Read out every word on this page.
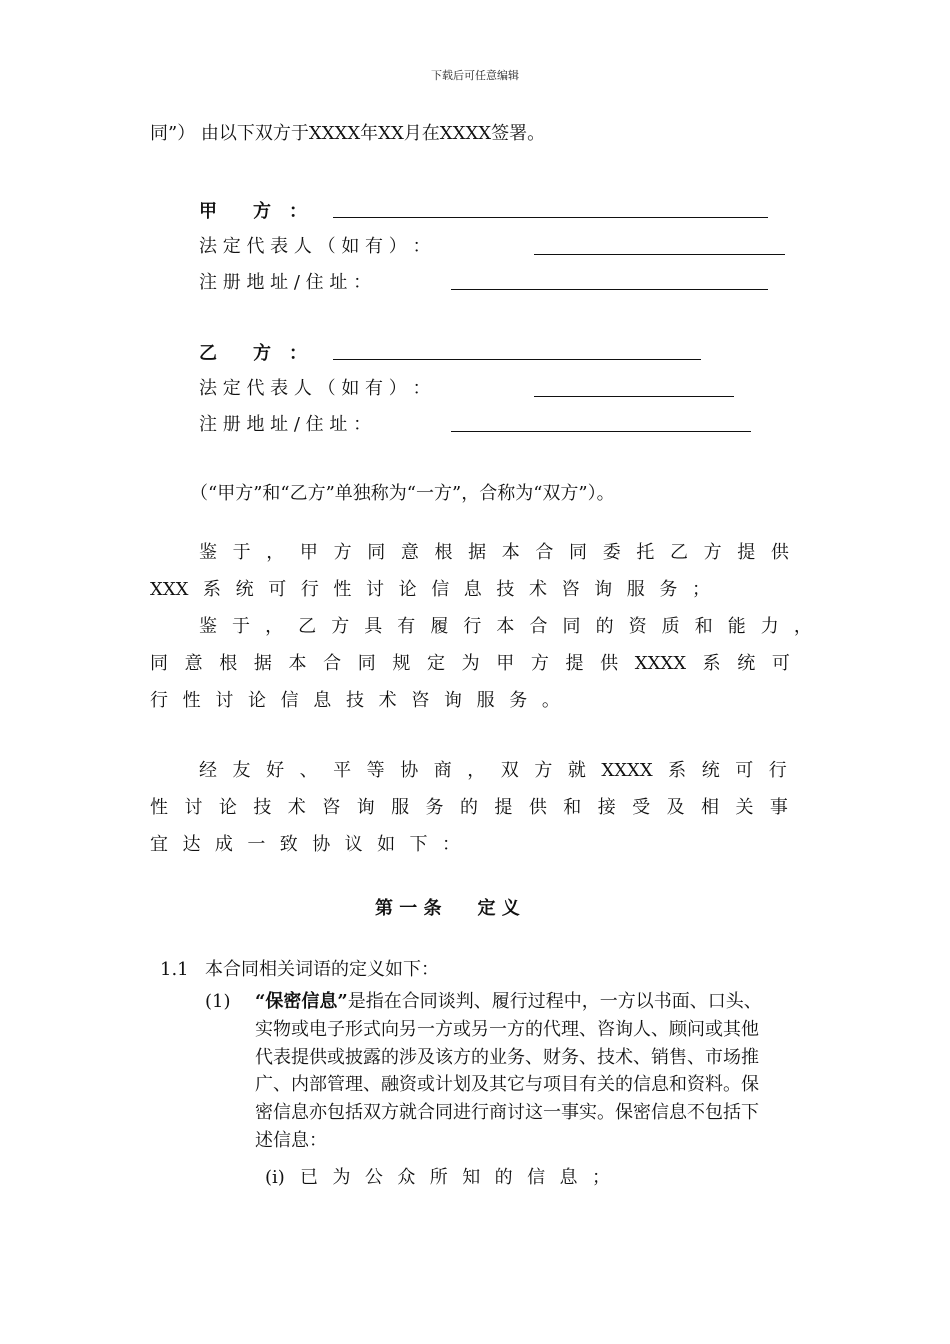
下载后可任意编辑
同”） 由以下双方于XXXX年XX月在XXXX签署。
甲　　方　：
法 定 代 表 人 （ 如 有 ） ：
注 册 地 址 / 住 址 ：
乙　　方　：
法 定 代 表 人 （ 如 有 ） ：
注 册 地 址 / 住 址 ：
（“甲方”和“乙方”单独称为“一方”，合称为“双方”）。
鉴 于 ， 甲 方 同 意 根 据 本 合 同 委 托 乙 方 提 供
XXX 系 统 可 行 性 讨 论 信 息 技 术 咨 询 服 务 ；
鉴 于 ， 乙 方 具 有 履 行 本 合 同 的 资 质 和 能 力 ，
同 意 根 据 本 合 同 规 定 为 甲 方 提 供 XXXX 系 统 可
行 性 讨 论 信 息 技 术 咨 询 服 务 。
经 友 好 、 平 等 协 商 ， 双 方 就 XXXX 系 统 可 行
性 讨 论 技 术 咨 询 服 务 的 提 供 和 接 受 及 相 关 事
宜 达 成 一 致 协 议 如 下 ：
第 一 条　　定 义
1.1 本合同相关词语的定义如下：
(1) “保密信息”是指在合同谈判、履行过程中，一方以书面、口头、
实物或电子形式向另一方或另一方的代理、咨询人、顾问或其他
代表提供或披露的涉及该方的业务、财务、技术、销售、市场推
广、内部管理、融资或计划及其它与项目有关的信息和资料。保
密信息亦包括双方就合同进行商讨这一事实。保密信息不包括下
述信息：
(i) 已 为 公 众 所 知 的 信 息 ；
